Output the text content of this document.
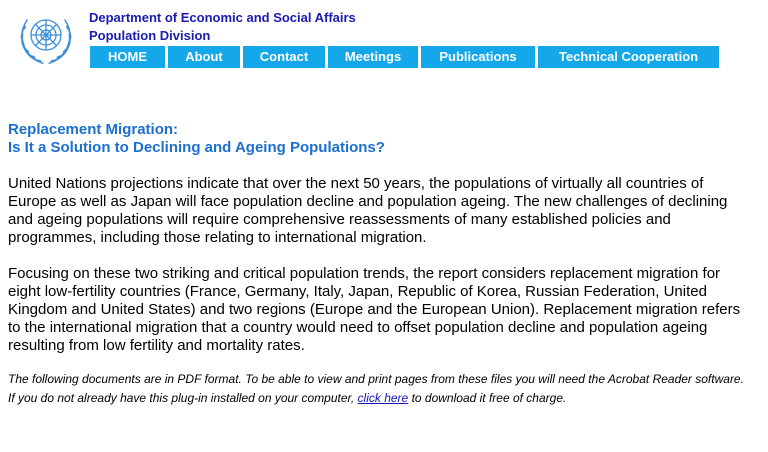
Department of Economic and Social Affairs
Population Division
HOME	About	Contact	Meetings	Publications	Technical Cooperation
Replacement Migration:
Is It a Solution to Declining and Ageing Populations?

United Nations projections indicate that over the next 50 years, the populations of virtually all countries of Europe as well as Japan will face population decline and population ageing. The new challenges of declining and ageing populations will require comprehensive reassessments of many established policies and programmes, including those relating to international migration.

Focusing on these two striking and critical population trends, the report considers replacement migration for eight low-fertility countries (France, Germany, Italy, Japan, Republic of Korea, Russian Federation, United Kingdom and United States) and two regions (Europe and the European Union). Replacement migration refers to the international migration that a country would need to offset population decline and population ageing resulting from low fertility and mortality rates.

The following documents are in PDF format. To be able to view and print pages from these files you will need the Acrobat Reader software. If you do not already have this plug-in installed on your computer, click here to download it free of charge.
